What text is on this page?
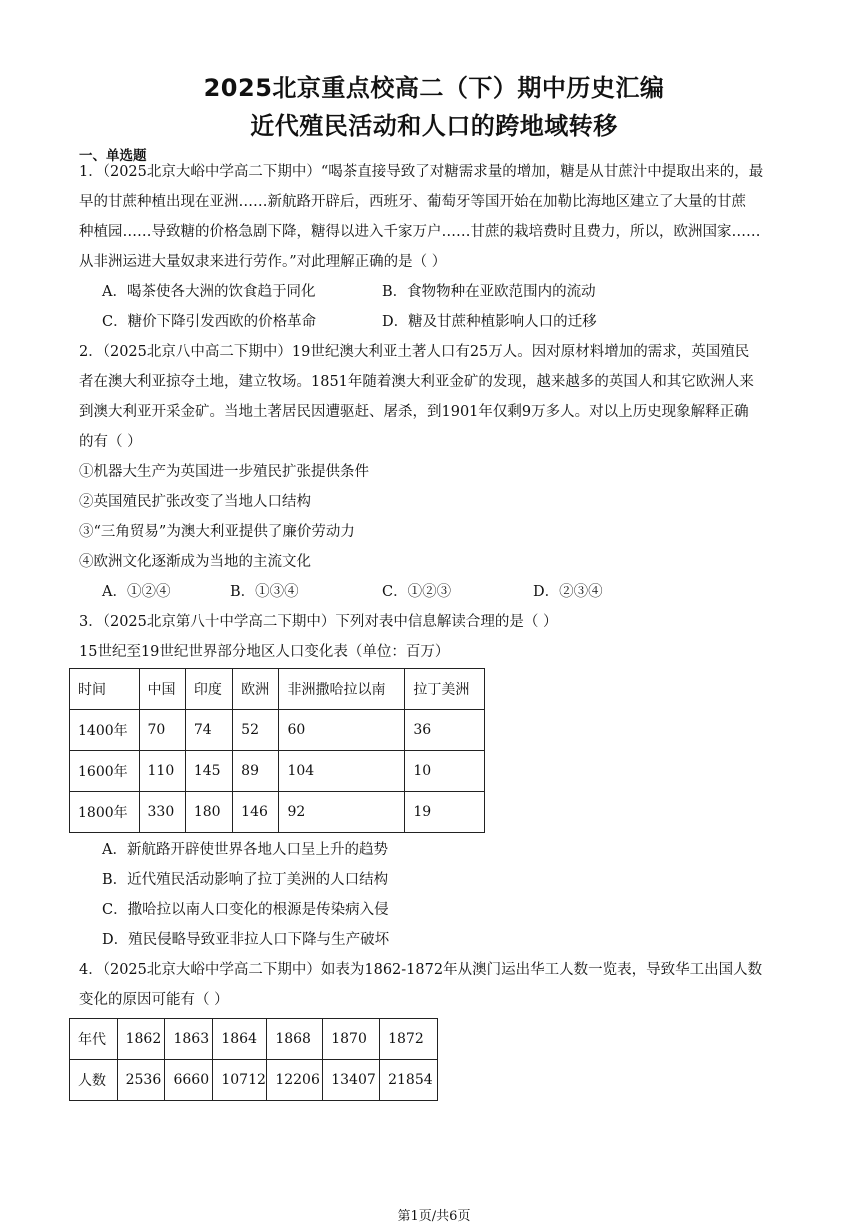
2025北京重点校高二（下）期中历史汇编
近代殖民活动和人口的跨地域转移
一、单选题
1．（2025北京大峪中学高二下期中）“喝茶直接导致了对糖需求量的增加，糖是从甘蔗汁中提取出来的，最
早的甘蔗种植出现在亚洲……新航路开辟后，西班牙、葡萄牙等国开始在加勒比海地区建立了大量的甘蔗
种植园……导致糖的价格急剧下降，糖得以进入千家万户……甘蔗的栽培费时且费力，所以，欧洲国家……
从非洲运进大量奴隶来进行劳作。”对此理解正确的是（ ）
A．喝茶使各大洲的饮食趋于同化	B．食物物种在亚欧范围内的流动
C．糖价下降引发西欧的价格革命	D．糖及甘蔗种植影响人口的迁移
2．（2025北京八中高二下期中）19世纪澳大利亚土著人口有25万人。因对原材料增加的需求，英国殖民
者在澳大利亚掠夺土地，建立牧场。1851年随着澳大利亚金矿的发现，越来越多的英国人和其它欧洲人来
到澳大利亚开采金矿。当地土著居民因遭驱赶、屠杀，到1901年仅剩9万多人。对以上历史现象解释正确
的有（ ）
①机器大生产为英国进一步殖民扩张提供条件
②英国殖民扩张改变了当地人口结构
③“三角贸易”为澳大利亚提供了廉价劳动力
④欧洲文化逐渐成为当地的主流文化
A．①②④	B．①③④	C．①②③	D．②③④
3．（2025北京第八十中学高二下期中）下列对表中信息解读合理的是（ ）
15世纪至19世纪世界部分地区人口变化表（单位：百万）
时间	中国	印度	欧洲	非洲撒哈拉以南	拉丁美洲
1400年	70	74	52	60	36
1600年	110	145	89	104	10
1800年	330	180	146	92	19
A．新航路开辟使世界各地人口呈上升的趋势
B．近代殖民活动影响了拉丁美洲的人口结构
C．撒哈拉以南人口变化的根源是传染病入侵
D．殖民侵略导致亚非拉人口下降与生产破坏
4．（2025北京大峪中学高二下期中）如表为1862-1872年从澳门运出华工人数一览表，导致华工出国人数
变化的原因可能有（ ）
年代	1862	1863	1864	1868	1870	1872
人数	2536	6660	10712	12206	13407	21854
第1页/共6页
